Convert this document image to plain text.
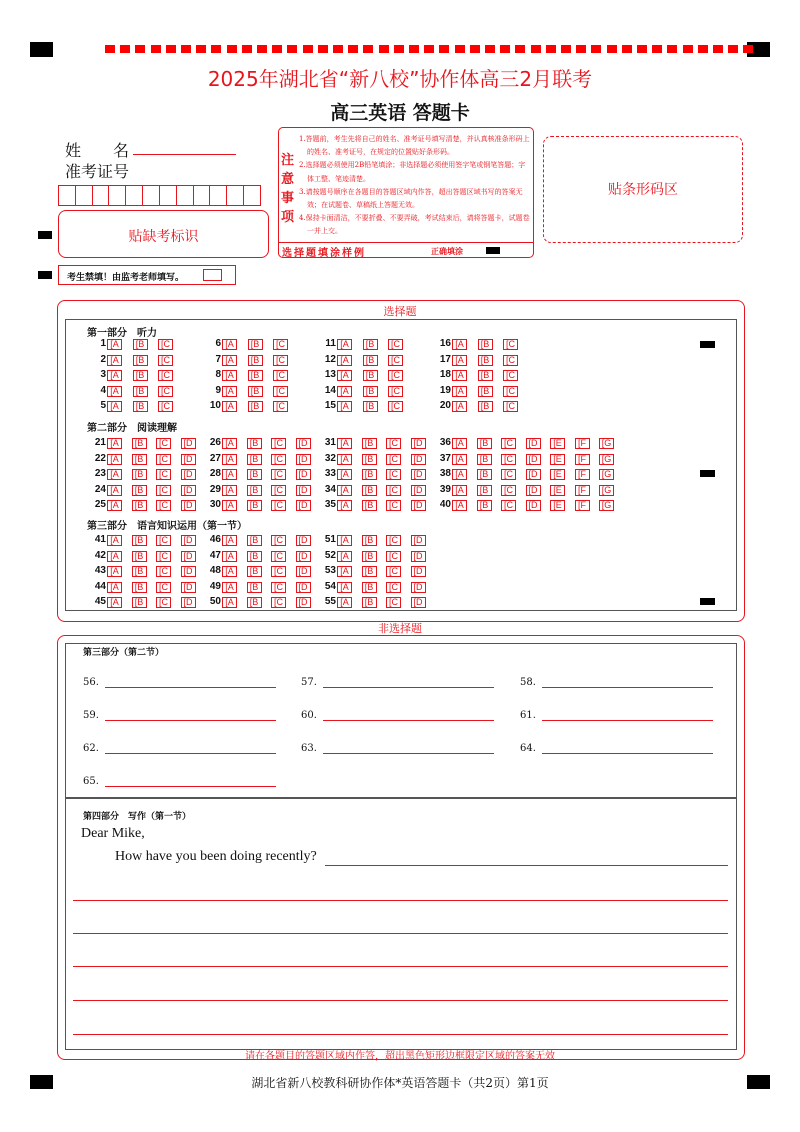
2025年湖北省“新八校”协作体高三2月联考
高三英语 答题卡
姓　　名
准考证号
贴缺考标识
考生禁填！由监考老师填写。
注意事项
1.答题前，考生先将自己的姓名、准考证号填写清楚，并认真核准条形码上的姓名、准考证号，在规定的位置贴好条形码。
2.选择题必须使用2B铅笔填涂；非选择题必须使用签字笔或钢笔答题；字体工整、笔迹清楚。
3.请按题号顺序在各题目的答题区域内作答，超出答题区域书写的答案无效；在试题卷、草稿纸上答题无效。
4.保持卡面清洁，不要折叠、不要弄破，考试结束后，请将答题卡，试题卷一并上交。
选择题填涂样例	正确填涂
贴条形码区
选择题
非选择题
第三部分（第二节）
第四部分　写作（第一节）
Dear Mike,
How have you been doing recently?
请在各题目的答题区域内作答，超出黑色矩形边框限定区域的答案无效
湖北省新八校教科研协作体*英语答题卡（共2页）第1页
第一部分　听力
1 [A	[B	[C
2 [A	[B	[C
3 [A	[B	[C
4 [A	[B	[C
5 [A	[B	[C
6 [A	[B	[C
7 [A	[B	[C
8 [A	[B	[C
9 [A	[B	[C
10 [A	[B	[C
11 [A	[B	[C
12 [A	[B	[C
13 [A	[B	[C
14 [A	[B	[C
15 [A	[B	[C
16 [A	[B	[C
17 [A	[B	[C
18 [A	[B	[C
19 [A	[B	[C
20 [A	[B	[C
第二部分　阅读理解
21 [A	[B	[C	[D
22 [A	[B	[C	[D
23 [A	[B	[C	[D
24 [A	[B	[C	[D
25 [A	[B	[C	[D
26 [A	[B	[C	[D
27 [A	[B	[C	[D
28 [A	[B	[C	[D
29 [A	[B	[C	[D
30 [A	[B	[C	[D
31 [A	[B	[C	[D
32 [A	[B	[C	[D
33 [A	[B	[C	[D
34 [A	[B	[C	[D
35 [A	[B	[C	[D
36 [A	[B	[C	[D	[E	[F	[G
37 [A	[B	[C	[D	[E	[F	[G
38 [A	[B	[C	[D	[E	[F	[G
39 [A	[B	[C	[D	[E	[F	[G
40 [A	[B	[C	[D	[E	[F	[G
第三部分　语言知识运用（第一节）
41 [A	[B	[C	[D
42 [A	[B	[C	[D
43 [A	[B	[C	[D
44 [A	[B	[C	[D
45 [A	[B	[C	[D
46 [A	[B	[C	[D
47 [A	[B	[C	[D
48 [A	[B	[C	[D
49 [A	[B	[C	[D
50 [A	[B	[C	[D
51 [A	[B	[C	[D
52 [A	[B	[C	[D
53 [A	[B	[C	[D
54 [A	[B	[C	[D
55 [A	[B	[C	[D
56.	57.	58.
59.	60.	61.
62.	63.	64.
65.
